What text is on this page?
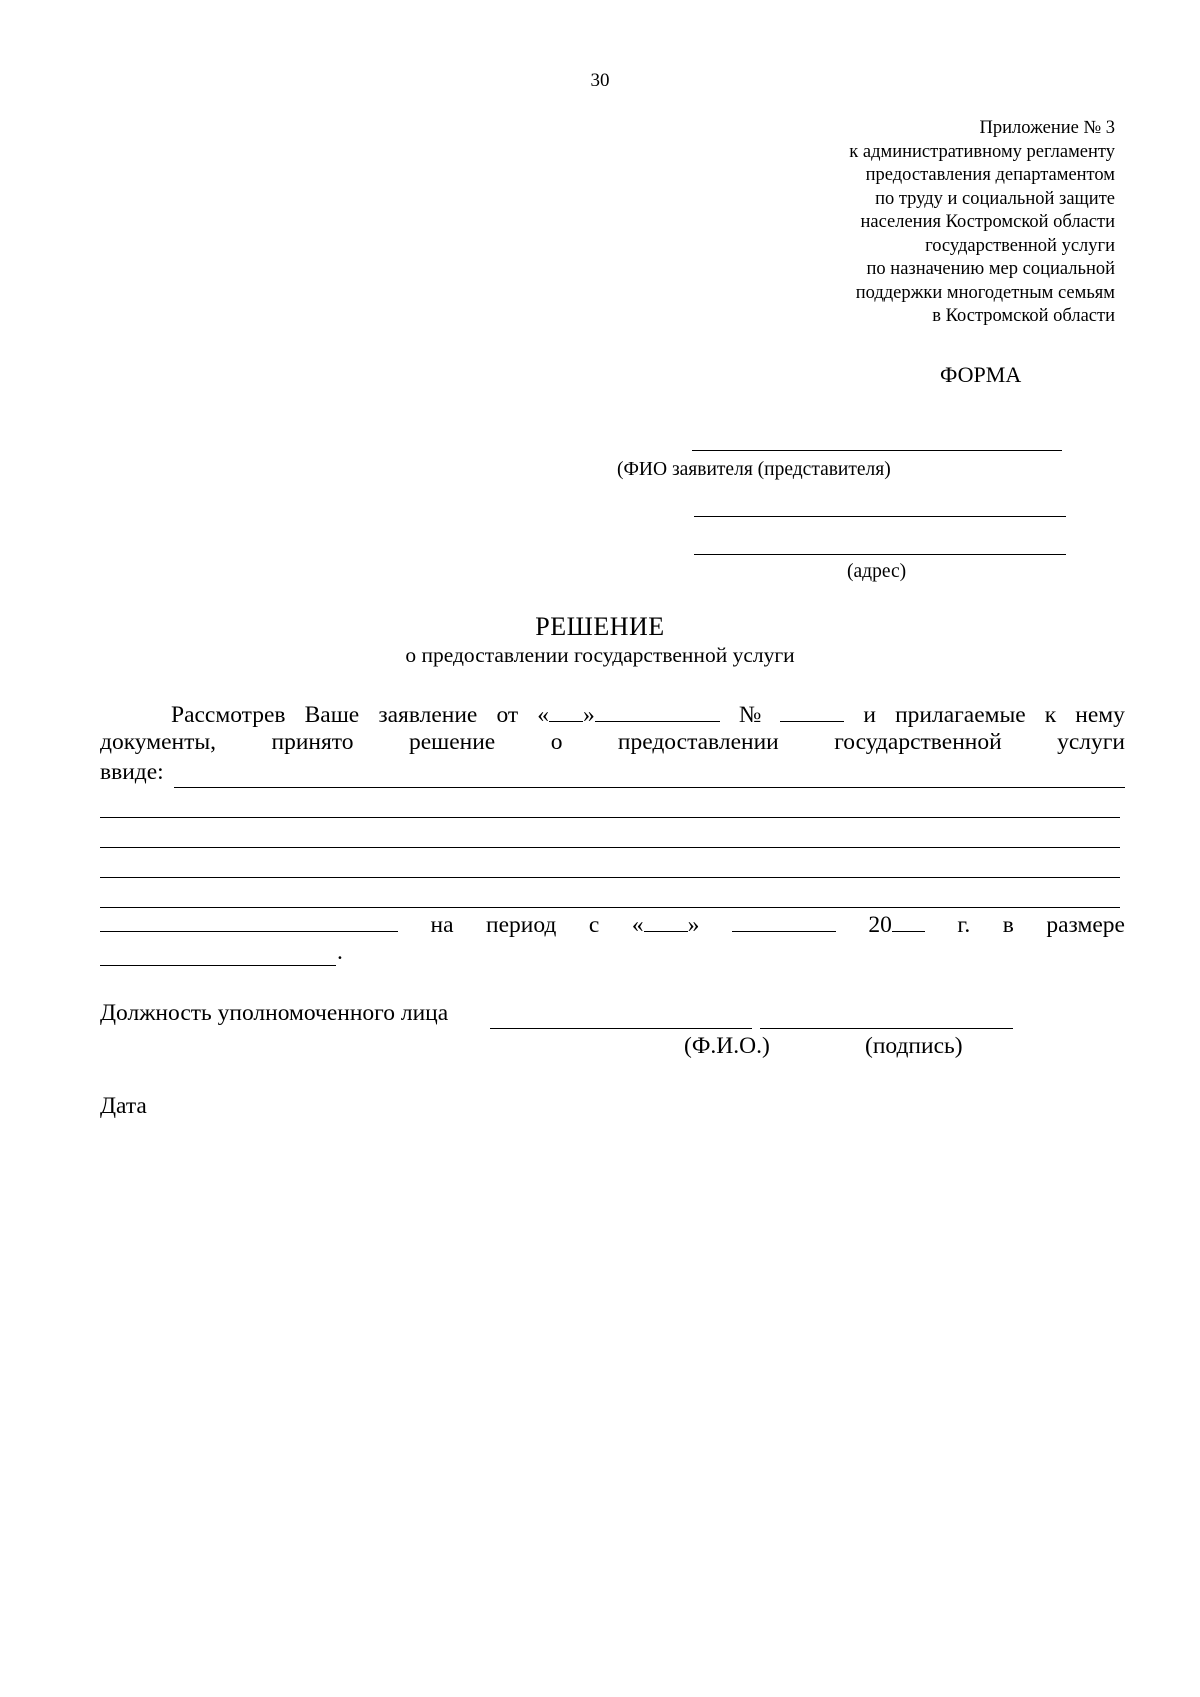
30
Приложение № 3
к административному регламенту
предоставления департаментом
по труду и социальной защите
населения Костромской области
государственной услуги
по назначению мер социальной
поддержки многодетным семьям
в Костромской области
ФОРМА
(ФИО заявителя (представителя)
(адрес)
РЕШЕНИЕ
о предоставлении государственной услуги
Рассмотрев Ваше заявление от « »	№	и прилагаемые к нему
документы, принято решение о предоставлении государственной услуги
ввиде:
на период с « »	20	г. в размере
.
Должность уполномоченного лица
(Ф.И.О.)	(подпись)
Дата
